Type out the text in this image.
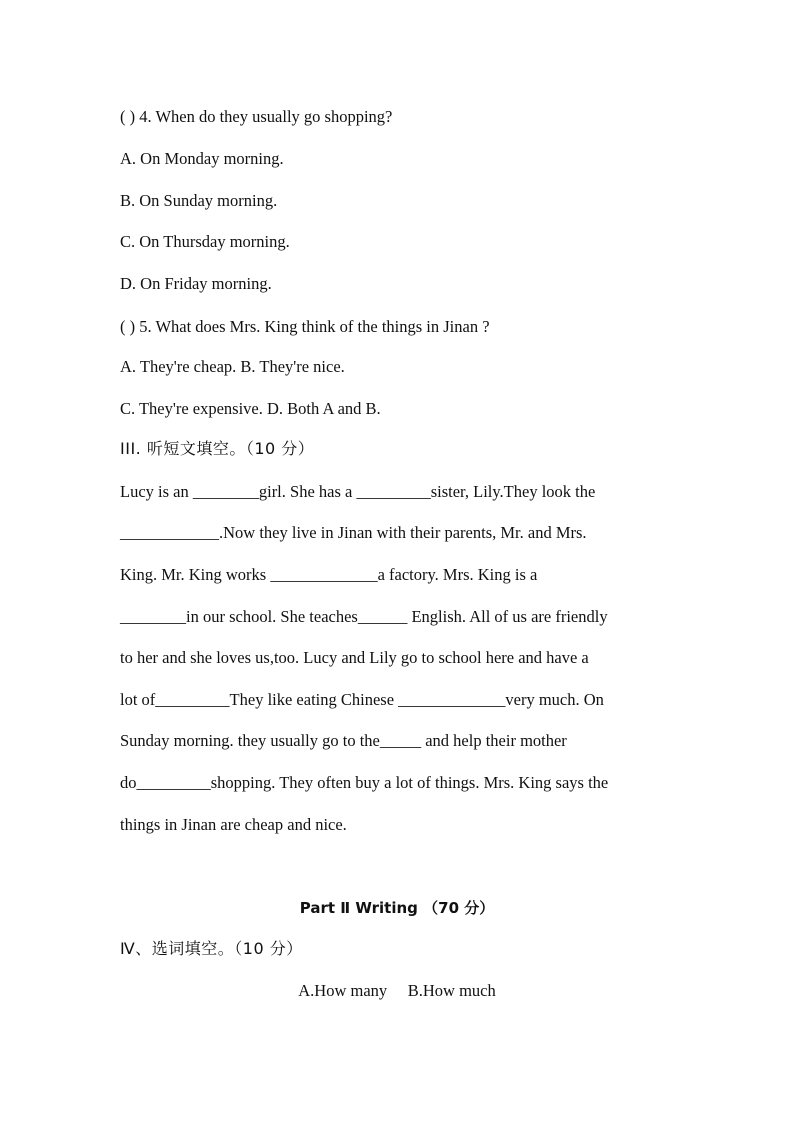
( ) 4. When do they usually go shopping?

A. On Monday morning.

B. On Sunday morning.

C. On Thursday morning.

D. On Friday morning.

( ) 5. What does Mrs. King think of the things in Jinan ?

A. They're cheap. B. They're nice.

C. They're expensive. D. Both A and B.

III. 听短文填空。（10 分）

Lucy is an ________girl. She has a _________sister, Lily.They look the

____________.Now they live in Jinan with their parents, Mr. and Mrs.

King. Mr. King works _____________a factory. Mrs. King is a

________in our school. She teaches______ English. All of us are friendly

to her and she loves us,too. Lucy and Lily go to school here and have a

lot of_________They like eating Chinese _____________very much. On

Sunday morning. they usually go to the_____ and help their mother

do_________shopping. They often buy a lot of things. Mrs. King says the

things in Jinan are cheap and nice.

Part Ⅱ Writing （70 分）

Ⅳ、选词填空。（10 分）

A.How many     B.How much
